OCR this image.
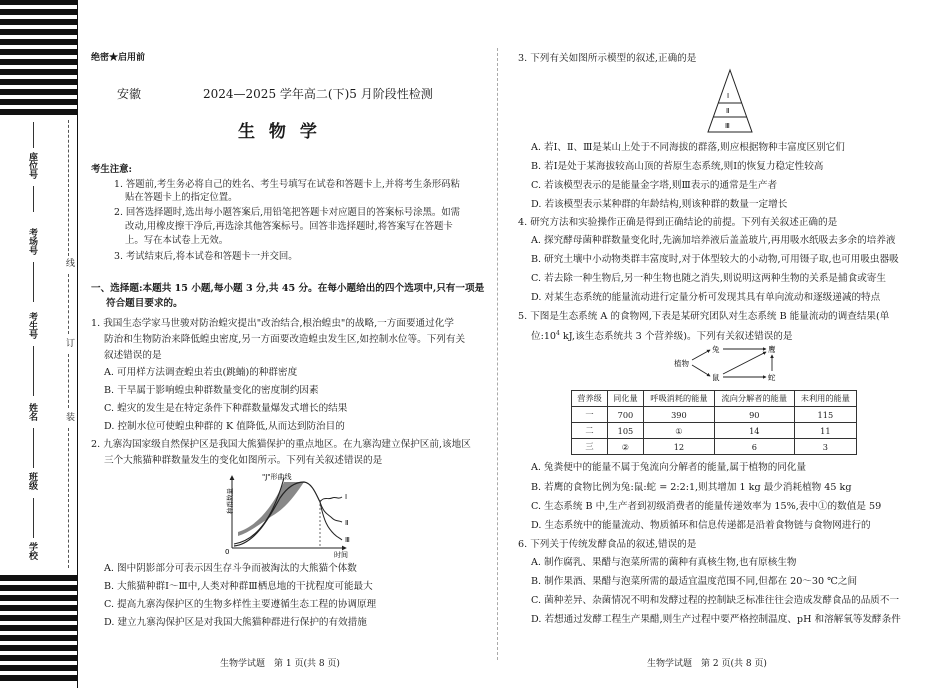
座位号
考场号
考生号
姓名
班级
学校
线
订
装
绝密★启用前
安徽	2024—2025 学年高二(下)5 月阶段性检测
生 物 学
考生注意:
1. 答题前,考生务必将自己的姓名、考生号填写在试卷和答题卡上,并将考生条形码粘
贴在答题卡上的指定位置。
2. 回答选择题时,选出每小题答案后,用铅笔把答题卡对应题目的答案标号涂黑。如需
改动,用橡皮擦干净后,再选涂其他答案标号。回答非选择题时,将答案写在答题卡
上。写在本试卷上无效。
3. 考试结束后,将本试卷和答题卡一并交回。
一、选择题:本题共 15 小题,每小题 3 分,共 45 分。在每小题给出的四个选项中,只有一项是
符合题目要求的。
1. 我国生态学家马世骏对防治蝗灾提出"改治结合,根治蝗虫"的战略,一方面要通过化学
防治和生物防治来降低蝗虫密度,另一方面要改造蝗虫发生区,如控制水位等。下列有关
叙述错误的是
A. 可用样方法调查蝗虫若虫(跳蝻)的种群密度
B. 干旱属于影响蝗虫种群数量变化的密度制约因素
C. 蝗灾的发生是在特定条件下种群数量爆发式增长的结果
D. 控制水位可使蝗虫种群的 K 值降低,从而达到防治目的
2. 九寨沟国家级自然保护区是我国大熊猫保护的重点地区。在九寨沟建立保护区前,该地区
三个大熊猫种群数量发生的变化如图所示。下列有关叙述错误的是
"J"形曲线
种群数量
时间
0
Ⅰ
Ⅱ
Ⅲ
A. 图中阴影部分可表示因生存斗争而被淘汰的大熊猫个体数
B. 大熊猫种群Ⅰ～Ⅲ中,人类对种群Ⅲ栖息地的干扰程度可能最大
C. 提高九寨沟保护区的生物多样性主要遵循生态工程的协调原理
D. 建立九寨沟保护区是对我国大熊猫种群进行保护的有效措施
生物学试题　第 1 页(共 8 页)
3. 下列有关如图所示模型的叙述,正确的是
Ⅰ
Ⅱ
Ⅲ
A. 若Ⅰ、Ⅱ、Ⅲ是某山上处于不同海拔的群落,则应根据物种丰富度区别它们
B. 若Ⅰ是处于某海拔较高山顶的苔原生态系统,则Ⅰ的恢复力稳定性较高
C. 若该模型表示的是能量金字塔,则Ⅲ表示的通常是生产者
D. 若该模型表示某种群的年龄结构,则该种群的数量一定增长
4. 研究方法和实验操作正确是得到正确结论的前提。下列有关叙述正确的是
A. 探究酵母菌种群数量变化时,先滴加培养液后盖盖玻片,再用吸水纸吸去多余的培养液
B. 研究土壤中小动物类群丰富度时,对于体型较大的小动物,可用镊子取,也可用吸虫器吸
C. 若去除一种生物后,另一种生物也随之消失,则说明这两种生物的关系是捕食或寄生
D. 对某生态系统的能量流动进行定量分析可发现其具有单向流动和逐级递减的特点
5. 下图是生态系统 A 的食物网,下表是某研究团队对生态系统 B 能量流动的调查结果(单
位$:10^4$ kJ,该生态系统共 3 个营养级)。下列有关叙述错误的是
植物
兔
鼠
鹰
蛇
营养级	同化量	呼吸消耗的能量	流向分解者的能量	未利用的能量
一	700	390	90	115
二	105	①	14	11
三	②	12	6	3
A. 兔粪便中的能量不属于兔流向分解者的能量,属于植物的同化量
B. 若鹰的食物比例为兔:鼠:蛇 = 2:2:1,则其增加 1 kg 最少消耗植物 45 kg
C. 生态系统 B 中,生产者到初级消费者的能量传递效率为 15%,表中①的数值是 59
D. 生态系统中的能量流动、物质循环和信息传递都是沿着食物链与食物网进行的
6. 下列关于传统发酵食品的叙述,错误的是
A. 制作腐乳、果醋与泡菜所需的菌种有真核生物,也有原核生物
B. 制作果酒、果醋与泡菜所需的最适宜温度范围不同,但都在 20～30 ℃之间
C. 菌种差异、杂菌情况不明和发酵过程的控制缺乏标准往往会造成发酵食品的品质不一
D. 若想通过发酵工程生产果醋,则生产过程中要严格控制温度、pH 和溶解氧等发酵条件
生物学试题　第 2 页(共 8 页)
